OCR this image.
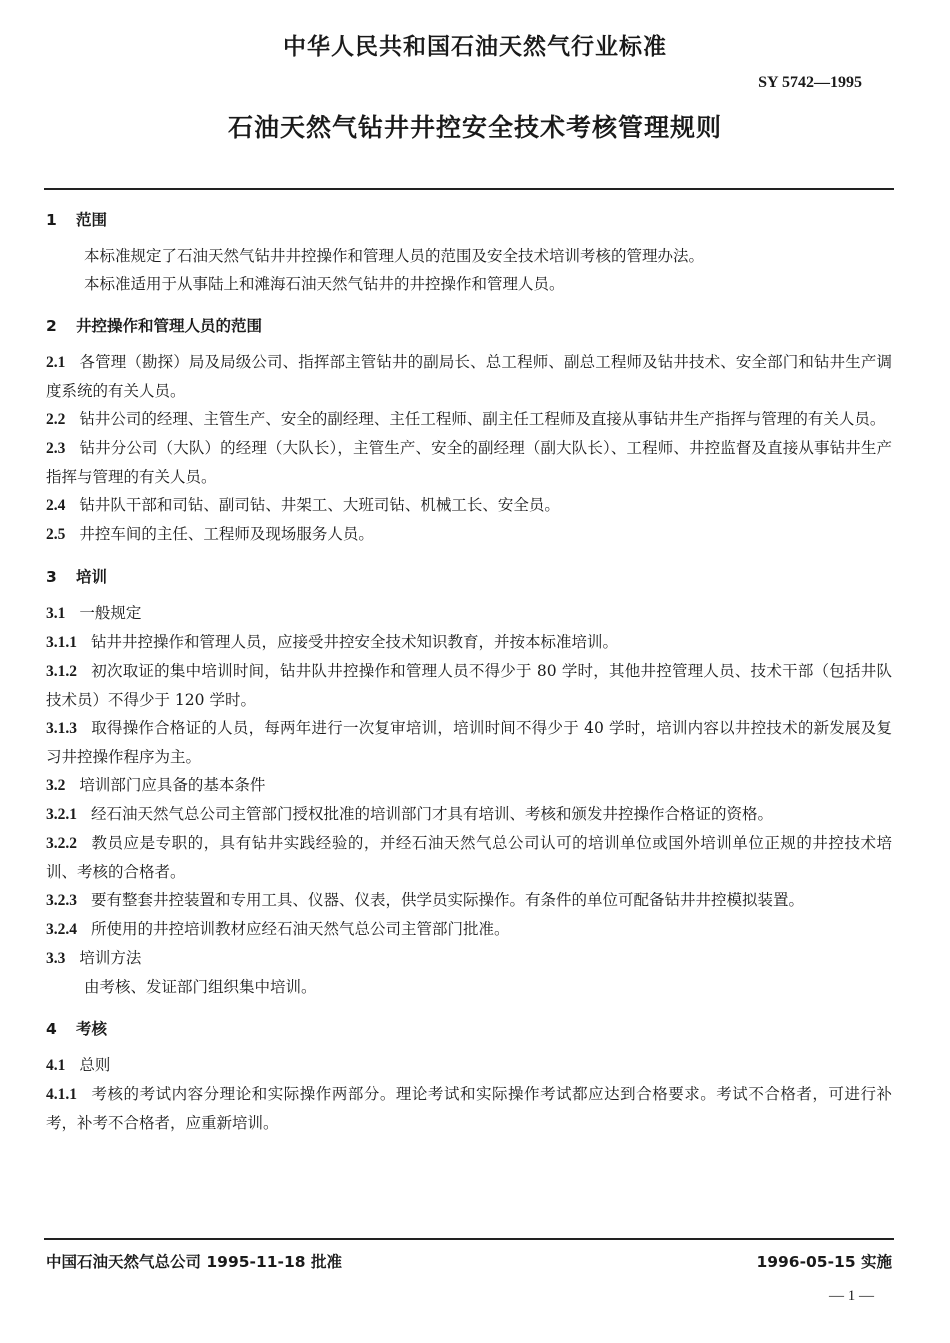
中华人民共和国石油天然气行业标准
SY 5742—1995
石油天然气钻井井控安全技术考核管理规则
1 范围
本标准规定了石油天然气钻井井控操作和管理人员的范围及安全技术培训考核的管理办法。
本标准适用于从事陆上和滩海石油天然气钻井的井控操作和管理人员。
2 井控操作和管理人员的范围
2.1 各管理（勘探）局及局级公司、指挥部主管钻井的副局长、总工程师、副总工程师及钻井技术、安全部门和钻井生产调度系统的有关人员。
2.2 钻井公司的经理、主管生产、安全的副经理、主任工程师、副主任工程师及直接从事钻井生产指挥与管理的有关人员。
2.3 钻井分公司（大队）的经理（大队长），主管生产、安全的副经理（副大队长）、工程师、井控监督及直接从事钻井生产指挥与管理的有关人员。
2.4 钻井队干部和司钻、副司钻、井架工、大班司钻、机械工长、安全员。
2.5 井控车间的主任、工程师及现场服务人员。
3 培训
3.1 一般规定
3.1.1 钻井井控操作和管理人员，应接受井控安全技术知识教育，并按本标准培训。
3.1.2 初次取证的集中培训时间，钻井队井控操作和管理人员不得少于 80 学时，其他井控管理人员、技术干部（包括井队技术员）不得少于 120 学时。
3.1.3 取得操作合格证的人员，每两年进行一次复审培训，培训时间不得少于 40 学时，培训内容以井控技术的新发展及复习井控操作程序为主。
3.2 培训部门应具备的基本条件
3.2.1 经石油天然气总公司主管部门授权批准的培训部门才具有培训、考核和颁发井控操作合格证的资格。
3.2.2 教员应是专职的，具有钻井实践经验的，并经石油天然气总公司认可的培训单位或国外培训单位正规的井控技术培训、考核的合格者。
3.2.3 要有整套井控装置和专用工具、仪器、仪表，供学员实际操作。有条件的单位可配备钻井井控模拟装置。
3.2.4 所使用的井控培训教材应经石油天然气总公司主管部门批准。
3.3 培训方法
由考核、发证部门组织集中培训。
4 考核
4.1 总则
4.1.1 考核的考试内容分理论和实际操作两部分。理论考试和实际操作考试都应达到合格要求。考试不合格者，可进行补考，补考不合格者，应重新培训。
中国石油天然气总公司 1995-11-18 批准	1996-05-15 实施
— 1 —
